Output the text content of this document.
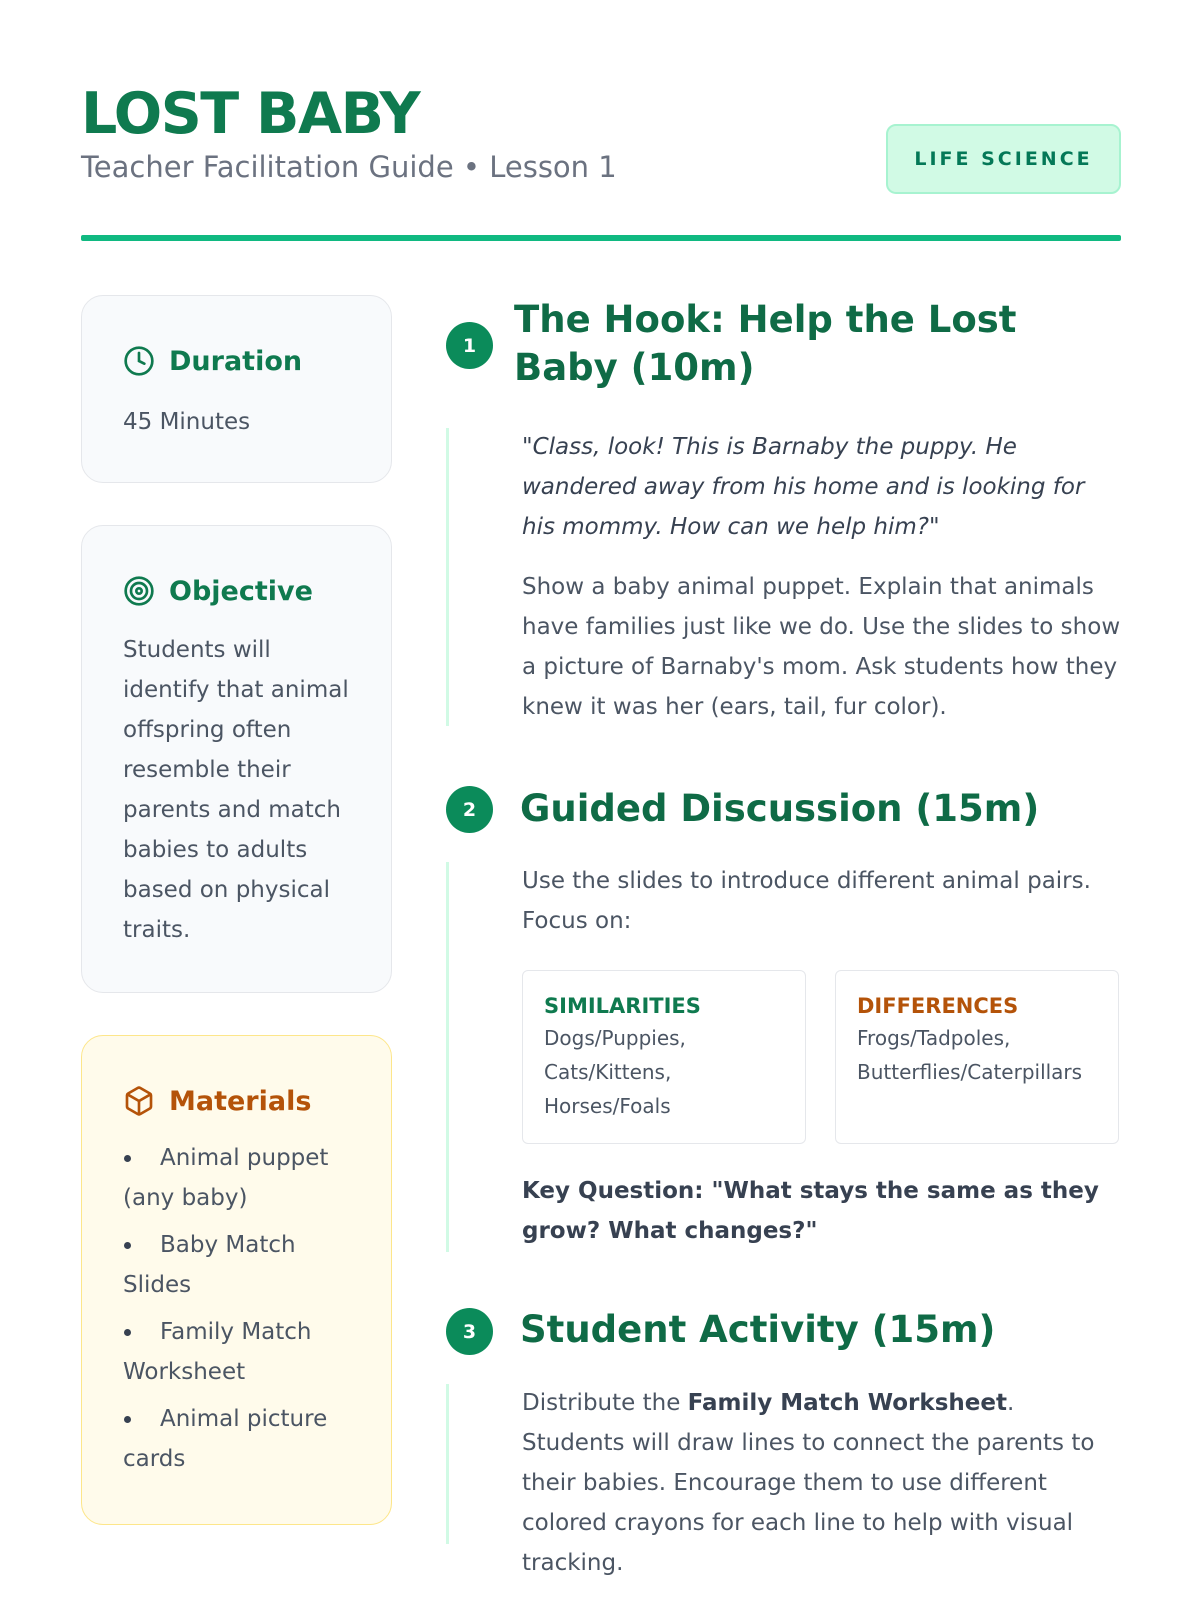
LOST BABY
Teacher Facilitation Guide • Lesson 1	LIFE SCIENCE
Duration
45 Minutes
Objective
Students will identify that animal offspring often resemble their parents and match babies to adults based on physical traits.
Materials
Animal puppet (any baby)
Baby Match Slides
Family Match Worksheet
Animal picture cards
1
The Hook: Help the Lost Baby (10m)
"Class, look! This is Barnaby the puppy. He wandered away from his home and is looking for his mommy. How can we help him?"
Show a baby animal puppet. Explain that animals have families just like we do. Use the slides to show a picture of Barnaby's mom. Ask students how they knew it was her (ears, tail, fur color).
2	Guided Discussion (15m)
Use the slides to introduce different animal pairs. Focus on:
SIMILARITIES
Dogs/Puppies, Cats/Kittens, Horses/Foals
DIFFERENCES
Frogs/Tadpoles, Butterflies/Caterpillars
Key Question: "What stays the same as they grow? What changes?"
3	Student Activity (15m)
Distribute the Family Match Worksheet. Students will draw lines to connect the parents to their babies. Encourage them to use different colored crayons for each line to help with visual tracking.
